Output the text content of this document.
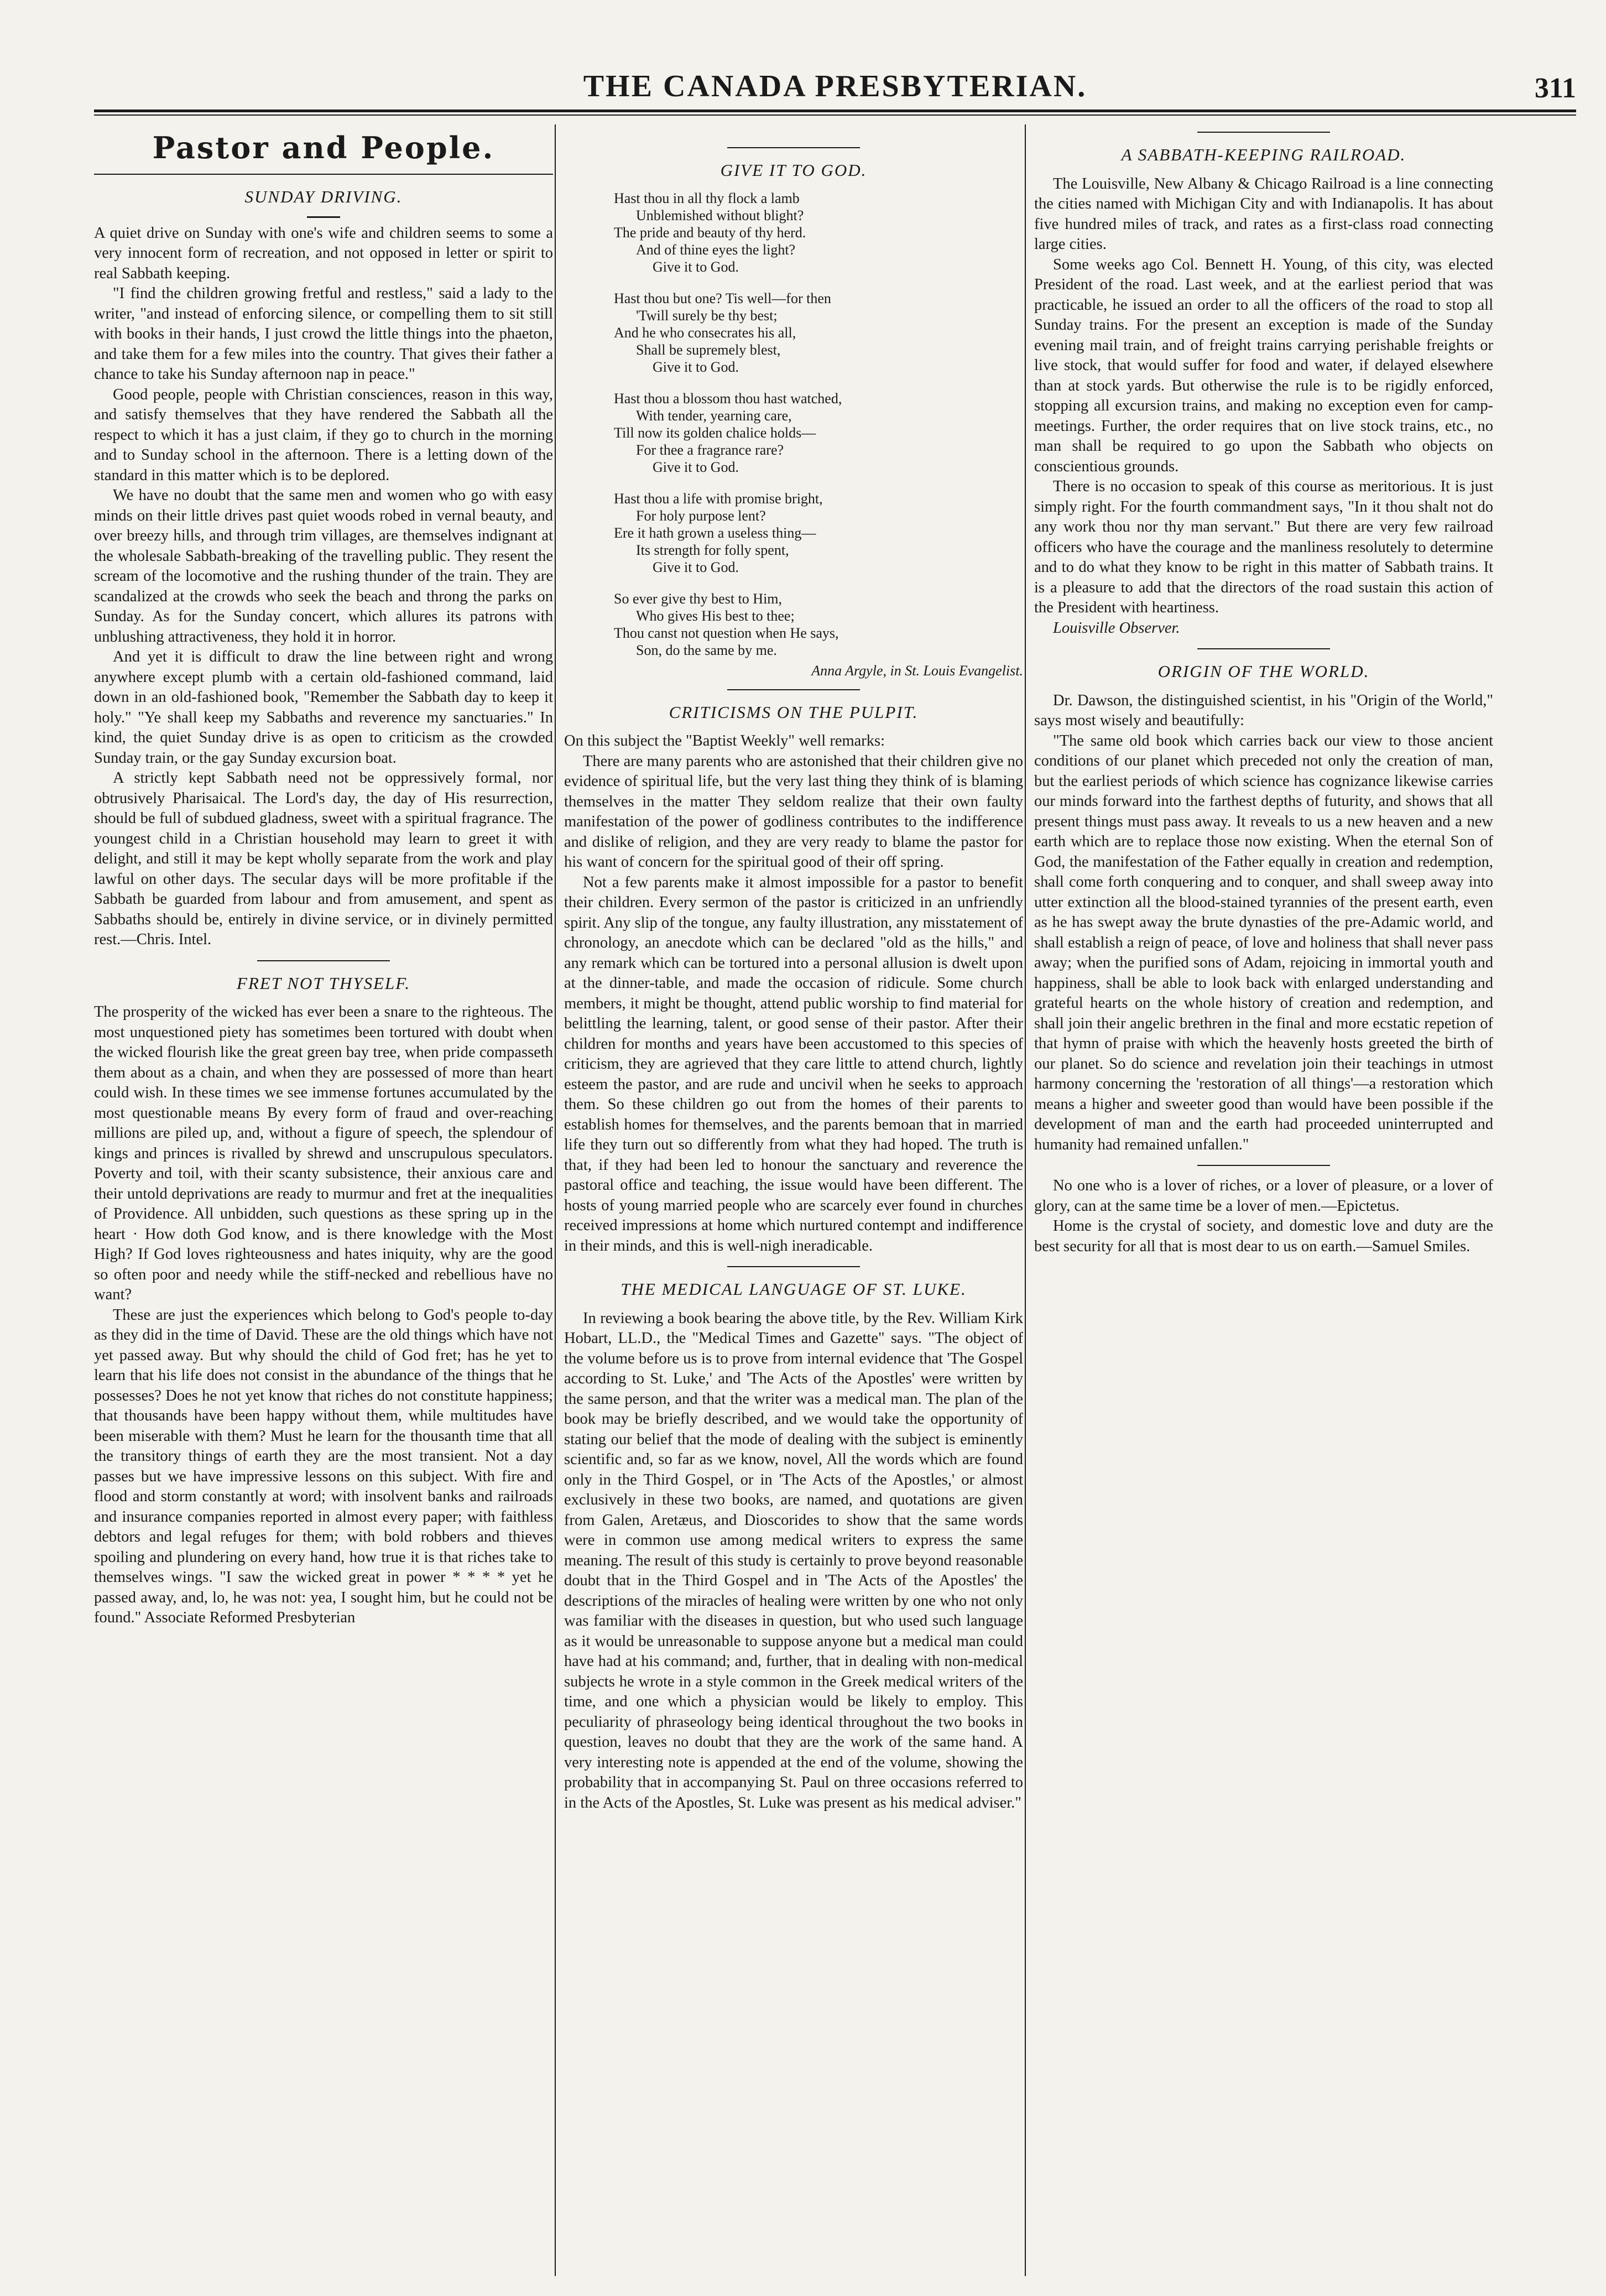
THE CANADA PRESBYTERIAN.	311
Pastor and People.
SUNDAY DRIVING.

A quiet drive on Sunday with one's wife and children seems to some a very innocent form of recreation, and not opposed in letter or spirit to real Sabbath keeping.

"I find the children growing fretful and restless," said a lady to the writer, "and instead of enforcing silence, or compelling them to sit still with books in their hands, I just crowd the little things into the phaeton, and take them for a few miles into the country. That gives their father a chance to take his Sunday afternoon nap in peace."

Good people, people with Christian consciences, reason in this way, and satisfy themselves that they have rendered the Sabbath all the respect to which it has a just claim, if they go to church in the morning and to Sunday school in the afternoon. There is a letting down of the standard in this matter which is to be deplored.

We have no doubt that the same men and women who go with easy minds on their little drives past quiet woods robed in vernal beauty, and over breezy hills, and through trim villages, are themselves indignant at the wholesale Sabbath-breaking of the travelling public. They resent the scream of the locomotive and the rushing thunder of the train. They are scandalized at the crowds who seek the beach and throng the parks on Sunday. As for the Sunday concert, which allures its patrons with unblushing attractiveness, they hold it in horror.

And yet it is difficult to draw the line between right and wrong anywhere except plumb with a certain old-fashioned command, laid down in an old-fashioned book, "Remember the Sabbath day to keep it holy." "Ye shall keep my Sabbaths and reverence my sanctuaries." In kind, the quiet Sunday drive is as open to criticism as the crowded Sunday train, or the gay Sunday excursion boat.

A strictly kept Sabbath need not be oppressively formal, nor obtrusively Pharisaical. The Lord's day, the day of His resurrection, should be full of subdued gladness, sweet with a spiritual fragrance. The youngest child in a Christian household may learn to greet it with delight, and still it may be kept wholly separate from the work and play lawful on other days. The secular days will be more profitable if the Sabbath be guarded from labour and from amusement, and spent as Sabbaths should be, entirely in divine service, or in divinely permitted rest.—Chris. Intel.

FRET NOT THYSELF.

The prosperity of the wicked has ever been a snare to the righteous. The most unquestioned piety has sometimes been tortured with doubt when the wicked flourish like the great green bay tree, when pride compasseth them about as a chain, and when they are possessed of more than heart could wish. In these times we see immense fortunes accumulated by the most questionable means By every form of fraud and over-reaching millions are piled up, and, without a figure of speech, the splendour of kings and princes is rivalled by shrewd and unscrupulous speculators. Poverty and toil, with their scanty subsistence, their anxious care and their untold deprivations are ready to murmur and fret at the inequalities of Providence. All unbidden, such questions as these spring up in the heart · How doth God know, and is there knowledge with the Most High? If God loves righteousness and hates iniquity, why are the good so often poor and needy while the stiff-necked and rebellious have no want?

These are just the experiences which belong to God's people to-day as they did in the time of David. These are the old things which have not yet passed away. But why should the child of God fret; has he yet to learn that his life does not consist in the abundance of the things that he possesses? Does he not yet know that riches do not constitute happiness; that thousands have been happy without them, while multitudes have been miserable with them? Must he learn for the thousanth time that all the transitory things of earth they are the most transient. Not a day passes but we have impressive lessons on this subject. With fire and flood and storm constantly at word; with insolvent banks and railroads and insurance companies reported in almost every paper; with faithless debtors and legal refuges for them; with bold robbers and thieves spoiling and plundering on every hand, how true it is that riches take to themselves wings. "I saw the wicked great in power * * * * yet he passed away, and, lo, he was not: yea, I sought him, but he could not be found." Associate Reformed Presbyterian

GIVE IT TO GOD.
Hast thou in all thy flock a lamb
Unblemished without blight?
The pride and beauty of thy herd.
And of thine eyes the light?
Give it to God.
Hast thou but one? Tis well—for then
'Twill surely be thy best;
And he who consecrates his all,
Shall be supremely blest,
Give it to God.
Hast thou a blossom thou hast watched,
With tender, yearning care,
Till now its golden chalice holds—
For thee a fragrance rare?
Give it to God.
Hast thou a life with promise bright,
For holy purpose lent?
Ere it hath grown a useless thing—
Its strength for folly spent,
Give it to God.
So ever give thy best to Him,
Who gives His best to thee;
Thou canst not question when He says,
Son, do the same by me.
Anna Argyle, in St. Louis Evangelist.
CRITICISMS ON THE PULPIT.

On this subject the "Baptist Weekly" well remarks:

There are many parents who are astonished that their children give no evidence of spiritual life, but the very last thing they think of is blaming themselves in the matter They seldom realize that their own faulty manifestation of the power of godliness contributes to the indifference and dislike of religion, and they are very ready to blame the pastor for his want of concern for the spiritual good of their off spring.

Not a few parents make it almost impossible for a pastor to benefit their children. Every sermon of the pastor is criticized in an unfriendly spirit. Any slip of the tongue, any faulty illustration, any misstatement of chronology, an anecdote which can be declared "old as the hills," and any remark which can be tortured into a personal allusion is dwelt upon at the dinner-table, and made the occasion of ridicule. Some church members, it might be thought, attend public worship to find material for belittling the learning, talent, or good sense of their pastor. After their children for months and years have been accustomed to this species of criticism, they are agrieved that they care little to attend church, lightly esteem the pastor, and are rude and uncivil when he seeks to approach them. So these children go out from the homes of their parents to establish homes for themselves, and the parents bemoan that in married life they turn out so differently from what they had hoped. The truth is that, if they had been led to honour the sanctuary and reverence the pastoral office and teaching, the issue would have been different. The hosts of young married people who are scarcely ever found in churches received impressions at home which nurtured contempt and indifference in their minds, and this is well-nigh ineradicable.

THE MEDICAL LANGUAGE OF ST. LUKE.

In reviewing a book bearing the above title, by the Rev. William Kirk Hobart, LL.D., the "Medical Times and Gazette" says. "The object of the volume before us is to prove from internal evidence that 'The Gospel according to St. Luke,' and 'The Acts of the Apostles' were written by the same person, and that the writer was a medical man. The plan of the book may be briefly described, and we would take the opportunity of stating our belief that the mode of dealing with the subject is eminently scientific and, so far as we know, novel, All the words which are found only in the Third Gospel, or in 'The Acts of the Apostles,' or almost exclusively in these two books, are named, and quotations are given from Galen, Aretæus, and Dioscorides to show that the same words were in common use among medical writers to express the same meaning. The result of this study is certainly to prove beyond reasonable doubt that in the Third Gospel and in 'The Acts of the Apostles' the descriptions of the miracles of healing were written by one who not only was familiar with the diseases in question, but who used such language as it would be unreasonable to suppose anyone but a medical man could have had at his command; and, further, that in dealing with non-medical subjects he wrote in a style common in the Greek medical writers of the time, and one which a physician would be likely to employ. This peculiarity of phraseology being identical throughout the two books in question, leaves no doubt that they are the work of the same hand. A very interesting note is appended at the end of the volume, showing the probability that in accompanying St. Paul on three occasions referred to in the Acts of the Apostles, St. Luke was present as his medical adviser."

A SABBATH-KEEPING RAILROAD.

The Louisville, New Albany & Chicago Railroad is a line connecting the cities named with Michigan City and with Indianapolis. It has about five hundred miles of track, and rates as a first-class road connecting large cities.

Some weeks ago Col. Bennett H. Young, of this city, was elected President of the road. Last week, and at the earliest period that was practicable, he issued an order to all the officers of the road to stop all Sunday trains. For the present an exception is made of the Sunday evening mail train, and of freight trains carrying perishable freights or live stock, that would suffer for food and water, if delayed elsewhere than at stock yards. But otherwise the rule is to be rigidly enforced, stopping all excursion trains, and making no exception even for camp-meetings. Further, the order requires that on live stock trains, etc., no man shall be required to go upon the Sabbath who objects on conscientious grounds.

There is no occasion to speak of this course as meritorious. It is just simply right. For the fourth commandment says, "In it thou shalt not do any work thou nor thy man servant." But there are very few railroad officers who have the courage and the manliness resolutely to determine and to do what they know to be right in this matter of Sabbath trains. It is a pleasure to add that the directors of the road sustain this action of the President with heartiness.

Louisville Observer.

ORIGIN OF THE WORLD.

Dr. Dawson, the distinguished scientist, in his "Origin of the World," says most wisely and beautifully:

"The same old book which carries back our view to those ancient conditions of our planet which preceded not only the creation of man, but the earliest periods of which science has cognizance likewise carries our minds forward into the farthest depths of futurity, and shows that all present things must pass away. It reveals to us a new heaven and a new earth which are to replace those now existing. When the eternal Son of God, the manifestation of the Father equally in creation and redemption, shall come forth conquering and to conquer, and shall sweep away into utter extinction all the blood-stained tyrannies of the present earth, even as he has swept away the brute dynasties of the pre-Adamic world, and shall establish a reign of peace, of love and holiness that shall never pass away; when the purified sons of Adam, rejoicing in immortal youth and happiness, shall be able to look back with enlarged understanding and grateful hearts on the whole history of creation and redemption, and shall join their angelic brethren in the final and more ecstatic repetion of that hymn of praise with which the heavenly hosts greeted the birth of our planet. So do science and revelation join their teachings in utmost harmony concerning the 'restoration of all things'—a restoration which means a higher and sweeter good than would have been possible if the development of man and the earth had proceeded uninterrupted and humanity had remained unfallen."

No one who is a lover of riches, or a lover of pleasure, or a lover of glory, can at the same time be a lover of men.—Epictetus.

Home is the crystal of society, and domestic love and duty are the best security for all that is most dear to us on earth.—Samuel Smiles.
